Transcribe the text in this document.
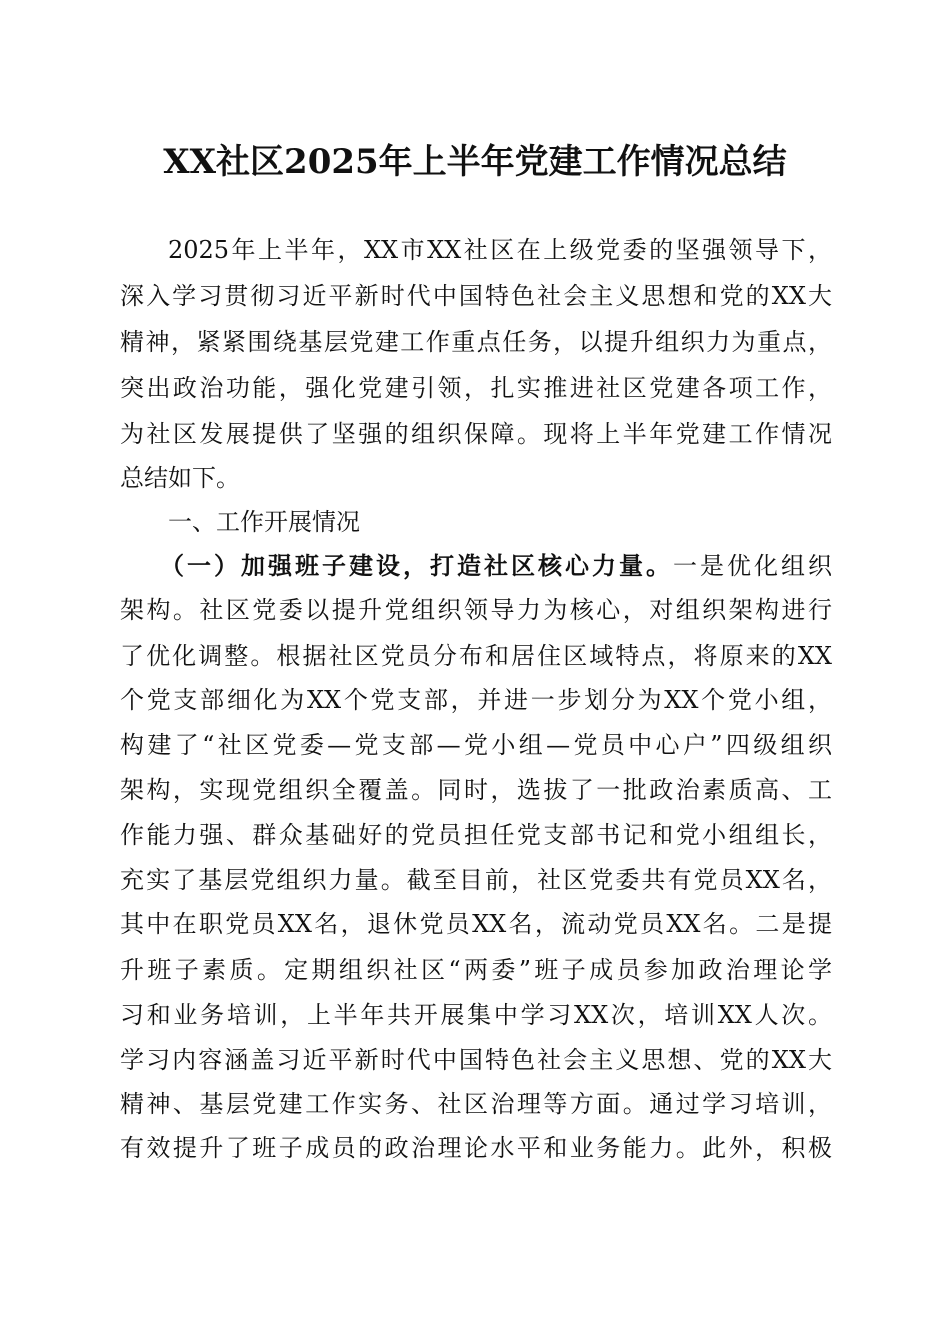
XX社区2025年上半年党建工作情况总结
2025年上半年，XX市XX社区在上级党委的坚强领导下，
深入学习贯彻习近平新时代中国特色社会主义思想和党的XX大
精神，紧紧围绕基层党建工作重点任务，以提升组织力为重点，
突出政治功能，强化党建引领，扎实推进社区党建各项工作，
为社区发展提供了坚强的组织保障。现将上半年党建工作情况
总结如下。
一、工作开展情况
（一）加强班子建设，打造社区核心力量。一是优化组织
架构。社区党委以提升党组织领导力为核心，对组织架构进行
了优化调整。根据社区党员分布和居住区域特点，将原来的XX
个党支部细化为XX个党支部，并进一步划分为XX个党小组，
构建了“社区党委—党支部—党小组—党员中心户”四级组织
架构，实现党组织全覆盖。同时，选拔了一批政治素质高、工
作能力强、群众基础好的党员担任党支部书记和党小组组长，
充实了基层党组织力量。截至目前，社区党委共有党员XX名，
其中在职党员XX名，退休党员XX名，流动党员XX名。二是提
升班子素质。定期组织社区“两委”班子成员参加政治理论学
习和业务培训，上半年共开展集中学习XX次，培训XX人次。
学习内容涵盖习近平新时代中国特色社会主义思想、党的XX大
精神、基层党建工作实务、社区治理等方面。通过学习培训，
有效提升了班子成员的政治理论水平和业务能力。此外，积极
